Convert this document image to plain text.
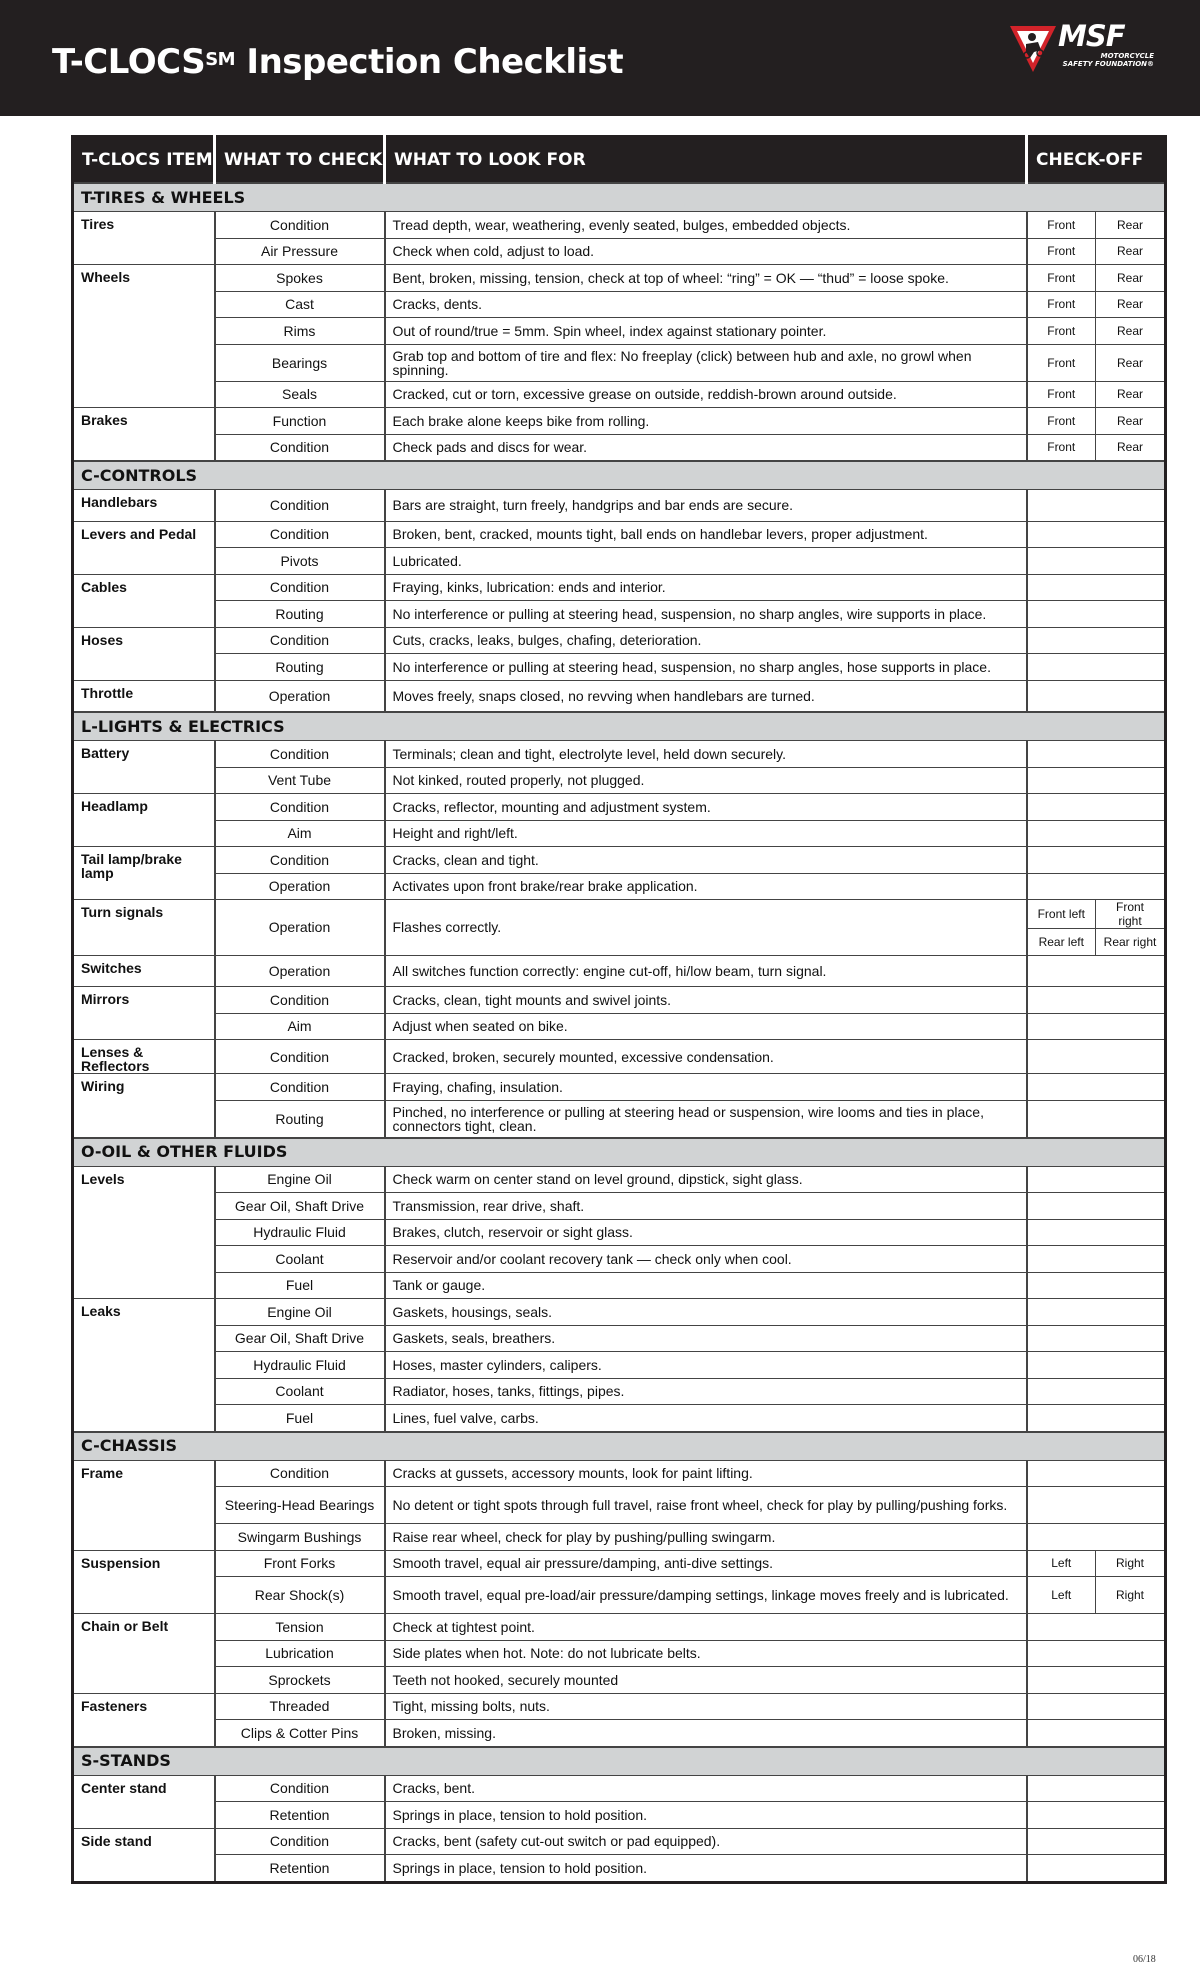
T-CLOCS℠ Inspection Checklist
MSF
MOTORCYCLE
SAFETY FOUNDATION®
T-CLOCS ITEM	WHAT TO CHECK	WHAT TO LOOK FOR	CHECK-OFF	
T-TIRES & WHEELS				
Tires	Condition	Tread depth, wear, weathering, evenly seated, bulges, embedded objects.	Front	Rear
	Air Pressure	Check when cold, adjust to load.	Front	Rear
Wheels	Spokes	Bent, broken, missing, tension, check at top of wheel: “ring” = OK — “thud” = loose spoke.	Front	Rear
	Cast	Cracks, dents.	Front	Rear
	Rims	Out of round/true = 5mm. Spin wheel, index against stationary pointer.	Front	Rear
	Bearings	Grab top and bottom of tire and flex: No freeplay (click) between hub and axle, no growl when spinning.	Front	Rear
	Seals	Cracked, cut or torn, excessive grease on outside, reddish-brown around outside.	Front	Rear
Brakes	Function	Each brake alone keeps bike from rolling.	Front	Rear
	Condition	Check pads and discs for wear.	Front	Rear
C-CONTROLS				
Handlebars	Condition	Bars are straight, turn freely, handgrips and bar ends are secure.		
Levers and Pedal	Condition	Broken, bent, cracked, mounts tight, ball ends on handlebar levers, proper adjustment.		
	Pivots	Lubricated.		
Cables	Condition	Fraying, kinks, lubrication: ends and interior.		
	Routing	No interference or pulling at steering head, suspension, no sharp angles, wire supports in place.		
Hoses	Condition	Cuts, cracks, leaks, bulges, chafing, deterioration.		
	Routing	No interference or pulling at steering head, suspension, no sharp angles, hose supports in place.		
Throttle	Operation	Moves freely, snaps closed, no revving when handlebars are turned.		
L-LIGHTS & ELECTRICS				
Battery	Condition	Terminals; clean and tight, electrolyte level, held down securely.		
	Vent Tube	Not kinked, routed properly, not plugged.		
Headlamp	Condition	Cracks, reflector, mounting and adjustment system.		
	Aim	Height and right/left.		
Tail lamp/brake lamp	Condition	Cracks, clean and tight.		
	Operation	Activates upon front brake/rear brake application.		
Turn signals	Operation	Flashes correctly.	Front left	Front right
			Rear left	Rear right
Switches	Operation	All switches function correctly: engine cut-off, hi/low beam, turn signal.		
Mirrors	Condition	Cracks, clean, tight mounts and swivel joints.		
	Aim	Adjust when seated on bike.		
Lenses & Reflectors	Condition	Cracked, broken, securely mounted, excessive condensation.		
Wiring	Condition	Fraying, chafing, insulation.		
	Routing	Pinched, no interference or pulling at steering head or suspension, wire looms and ties in place, connectors tight, clean.		
O-OIL & OTHER FLUIDS				
Levels	Engine Oil	Check warm on center stand on level ground, dipstick, sight glass.		
	Gear Oil, Shaft Drive	Transmission, rear drive, shaft.		
	Hydraulic Fluid	Brakes, clutch, reservoir or sight glass.		
	Coolant	Reservoir and/or coolant recovery tank — check only when cool.		
	Fuel	Tank or gauge.		
Leaks	Engine Oil	Gaskets, housings, seals.		
	Gear Oil, Shaft Drive	Gaskets, seals, breathers.		
	Hydraulic Fluid	Hoses, master cylinders, calipers.		
	Coolant	Radiator, hoses, tanks, fittings, pipes.		
	Fuel	Lines, fuel valve, carbs.		
C-CHASSIS				
Frame	Condition	Cracks at gussets, accessory mounts, look for paint lifting.		
	Steering-Head Bearings	No detent or tight spots through full travel, raise front wheel, check for play by pulling/pushing forks.		
	Swingarm Bushings	Raise rear wheel, check for play by pushing/pulling swingarm.		
Suspension	Front Forks	Smooth travel, equal air pressure/damping, anti-dive settings.	Left	Right
	Rear Shock(s)	Smooth travel, equal pre-load/air pressure/damping settings, linkage moves freely and is lubricated.	Left	Right
Chain or Belt	Tension	Check at tightest point.		
	Lubrication	Side plates when hot. Note: do not lubricate belts.		
	Sprockets	Teeth not hooked, securely mounted		
Fasteners	Threaded	Tight, missing bolts, nuts.		
	Clips & Cotter Pins	Broken, missing.		
S-STANDS				
Center stand	Condition	Cracks, bent.		
	Retention	Springs in place, tension to hold position.		
Side stand	Condition	Cracks, bent (safety cut-out switch or pad equipped).		
	Retention	Springs in place, tension to hold position.		
06/18
